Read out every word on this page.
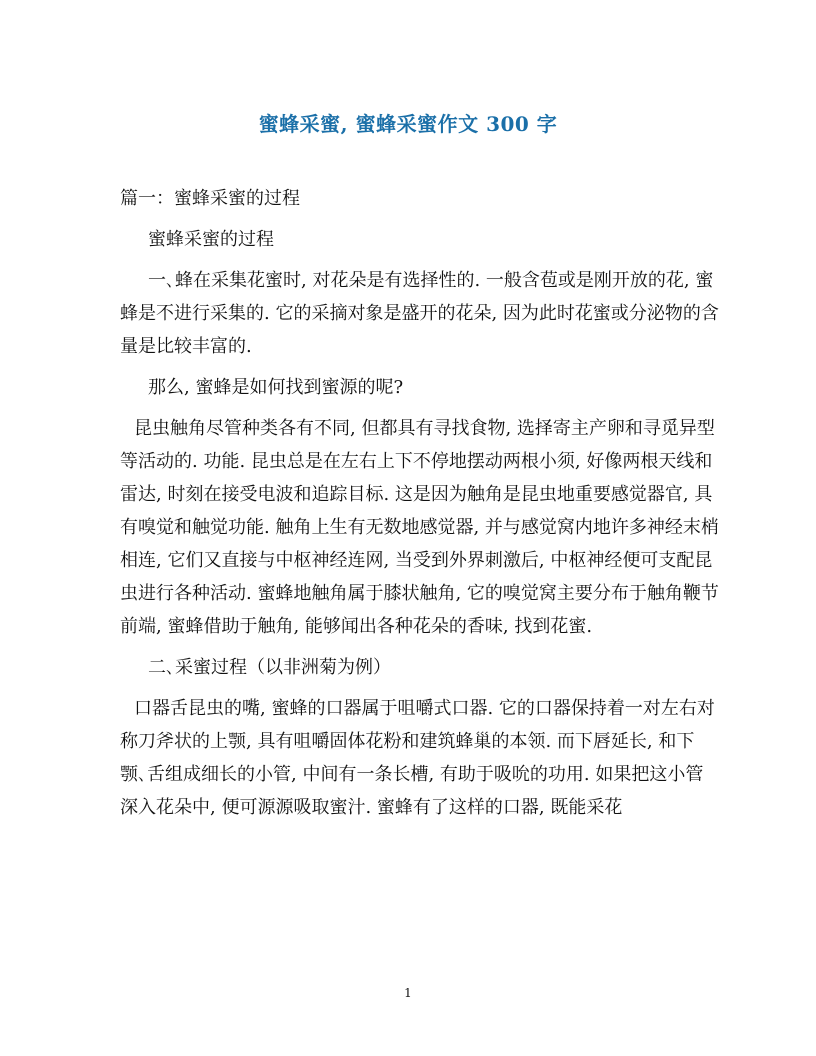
蜜蜂采蜜, 蜜蜂采蜜作文 300 字

篇一：蜜蜂采蜜的过程

蜜蜂采蜜的过程

一､蜂在采集花蜜时, 对花朵是有选择性的. 一般含苞或是刚开放的花, 蜜蜂是不进行采集的. 它的采摘对象是盛开的花朵, 因为此时花蜜或分泌物的含量是比较丰富的.

那么, 蜜蜂是如何找到蜜源的呢?

昆虫触角尽管种类各有不同, 但都具有寻找食物, 选择寄主产卵和寻觅异型等活动的. 功能. 昆虫总是在左右上下不停地摆动两根小须, 好像两根天线和雷达, 时刻在接受电波和追踪目标. 这是因为触角是昆虫地重要感觉器官, 具有嗅觉和触觉功能. 触角上生有无数地感觉器, 并与感觉窝内地许多神经末梢相连, 它们又直接与中枢神经连网, 当受到外界刺激后, 中枢神经便可支配昆虫进行各种活动. 蜜蜂地触角属于膝状触角, 它的嗅觉窝主要分布于触角鞭节前端, 蜜蜂借助于触角, 能够闻出各种花朵的香味, 找到花蜜.

二､采蜜过程（以非洲菊为例）

口器舌昆虫的嘴, 蜜蜂的口器属于咀嚼式口器. 它的口器保持着一对左右对称刀斧状的上颚, 具有咀嚼固体花粉和建筑蜂巢的本领. 而下唇延长, 和下颚､舌组成细长的小管, 中间有一条长槽, 有助于吸吮的功用. 如果把这小管深入花朵中, 便可源源吸取蜜汁. 蜜蜂有了这样的口器, 既能采花

1
